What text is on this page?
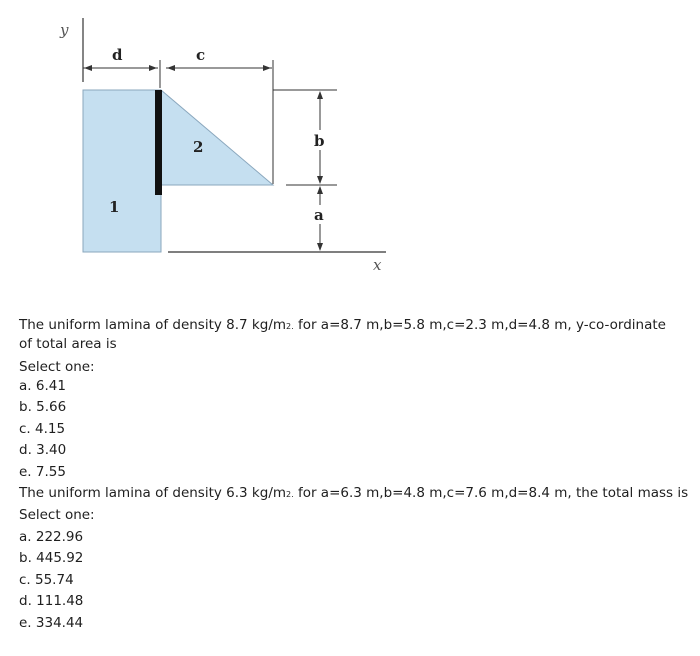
y
d	c
1
2	b
a
x
The uniform lamina of density 8.7 kg/m2. for a=8.7 m,b=5.8 m,c=2.3 m,d=4.8 m, y-co-ordinate
of total area is
Select one:
a. 6.41
b. 5.66
c. 4.15
d. 3.40
e. 7.55
The uniform lamina of density 6.3 kg/m2. for a=6.3 m,b=4.8 m,c=7.6 m,d=8.4 m, the total mass is
Select one:
a. 222.96
b. 445.92
c. 55.74
d. 111.48
e. 334.44
